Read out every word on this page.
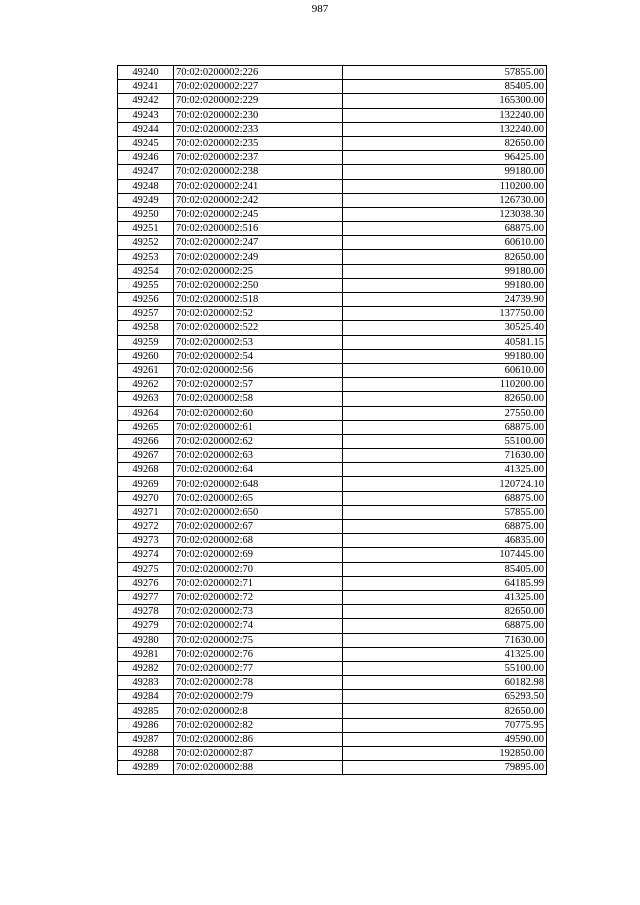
987
49240	70:02:0200002:226	57855.00
49241	70:02:0200002:227	85405.00
49242	70:02:0200002:229	165300.00
49243	70:02:0200002:230	132240.00
49244	70:02:0200002:233	132240.00
49245	70:02:0200002:235	82650.00
49246	70:02:0200002:237	96425.00
49247	70:02:0200002:238	99180.00
49248	70:02:0200002:241	110200.00
49249	70:02:0200002:242	126730.00
49250	70:02:0200002:245	123038.30
49251	70:02:0200002:516	68875.00
49252	70:02:0200002:247	60610.00
49253	70:02:0200002:249	82650.00
49254	70:02:0200002:25	99180.00
49255	70:02:0200002:250	99180.00
49256	70:02:0200002:518	24739.90
49257	70:02:0200002:52	137750.00
49258	70:02:0200002:522	30525.40
49259	70:02:0200002:53	40581.15
49260	70:02:0200002:54	99180.00
49261	70:02:0200002:56	60610.00
49262	70:02:0200002:57	110200.00
49263	70:02:0200002:58	82650.00
49264	70:02:0200002:60	27550.00
49265	70:02:0200002:61	68875.00
49266	70:02:0200002:62	55100.00
49267	70:02:0200002:63	71630.00
49268	70:02:0200002:64	41325.00
49269	70:02:0200002:648	120724.10
49270	70:02:0200002:65	68875.00
49271	70:02:0200002:650	57855.00
49272	70:02:0200002:67	68875.00
49273	70:02:0200002:68	46835.00
49274	70:02:0200002:69	107445.00
49275	70:02:0200002:70	85405.00
49276	70:02:0200002:71	64185.99
49277	70:02:0200002:72	41325.00
49278	70:02:0200002:73	82650.00
49279	70:02:0200002:74	68875.00
49280	70:02:0200002:75	71630.00
49281	70:02:0200002:76	41325.00
49282	70:02:0200002:77	55100.00
49283	70:02:0200002:78	60182.98
49284	70:02:0200002:79	65293.50
49285	70:02:0200002:8	82650.00
49286	70:02:0200002:82	70775.95
49287	70:02:0200002:86	49590.00
49288	70:02:0200002:87	192850.00
49289	70:02:0200002:88	79895.00
